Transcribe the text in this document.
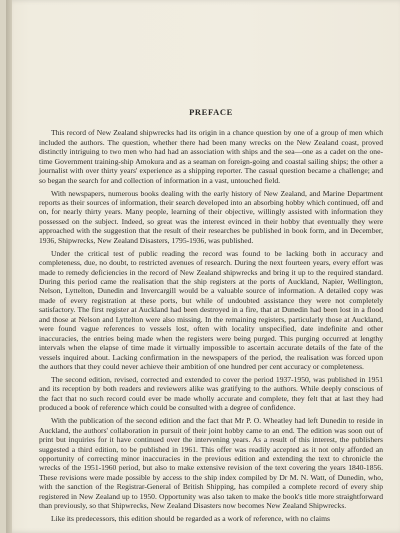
PREFACE

This record of New Zealand shipwrecks had its origin in a chance question by one of a group of men which included the authors. The question, whether there had been many wrecks on the New Zealand coast, proved distinctly intriguing to two men who had had an association with ships and the sea—one as a cadet on the one-time Government training-ship Amokura and as a seaman on foreign-going and coastal sailing ships; the other a journalist with over thirty years' experience as a shipping reporter. The casual question became a challenge; and so began the search for and collection of information in a vast, untouched field.

With newspapers, numerous books dealing with the early history of New Zealand, and Marine Department reports as their sources of information, their search developed into an absorbing hobby which continued, off and on, for nearly thirty years. Many people, learning of their objective, willingly assisted with information they possessed on the subject. Indeed, so great was the interest evinced in their hobby that eventually they were approached with the suggestion that the result of their researches be published in book form, and in December, 1936, Shipwrecks, New Zealand Disasters, 1795-1936, was published.

Under the critical test of public reading the record was found to be lacking both in accuracy and completeness, due, no doubt, to restricted avenues of research. During the next fourteen years, every effort was made to remedy deficiencies in the record of New Zealand shipwrecks and bring it up to the required standard. During this period came the realisation that the ship registers at the ports of Auckland, Napier, Wellington, Nelson, Lyttelton, Dunedin and Invercargill would be a valuable source of information. A detailed copy was made of every registration at these ports, but while of undoubted assistance they were not completely satisfactory. The first register at Auckland had been destroyed in a fire, that at Dunedin had been lost in a flood and those at Nelson and Lyttelton were also missing. In the remaining registers, particularly those at Auckland, were found vague references to vessels lost, often with locality unspecified, date indefinite and other inaccuracies, the entries being made when the registers were being purged. This purging occurred at lengthy intervals when the elapse of time made it virtually impossible to ascertain accurate details of the fate of the vessels inquired about. Lacking confirmation in the newspapers of the period, the realisation was forced upon the authors that they could never achieve their ambition of one hundred per cent accuracy or completeness.

The second edition, revised, corrected and extended to cover the period 1937-1950, was published in 1951 and its reception by both readers and reviewers alike was gratifying to the authors. While deeply conscious of the fact that no such record could ever be made wholly accurate and complete, they felt that at last they had produced a book of reference which could be consulted with a degree of confidence.

With the publication of the second edition and the fact that Mr P. O. Wheatley had left Dunedin to reside in Auckland, the authors' collaboration in pursuit of their joint hobby came to an end. The edition was soon out of print but inquiries for it have continued over the intervening years. As a result of this interest, the publishers suggested a third edition, to be published in 1961. This offer was readily accepted as it not only afforded an opportunity of correcting minor inaccuracies in the previous edition and extending the text to chronicle the wrecks of the 1951-1960 period, but also to make extensive revision of the text covering the years 1840-1856. These revisions were made possible by access to the ship index compiled by Dr M. N. Watt, of Dunedin, who, with the sanction of the Registrar-General of British Shipping, has compiled a complete record of every ship registered in New Zealand up to 1950. Opportunity was also taken to make the book's title more straightforward than previously, so that Shipwrecks, New Zealand Disasters now becomes New Zealand Shipwrecks.

Like its predecessors, this edition should be regarded as a work of reference, with no claims
